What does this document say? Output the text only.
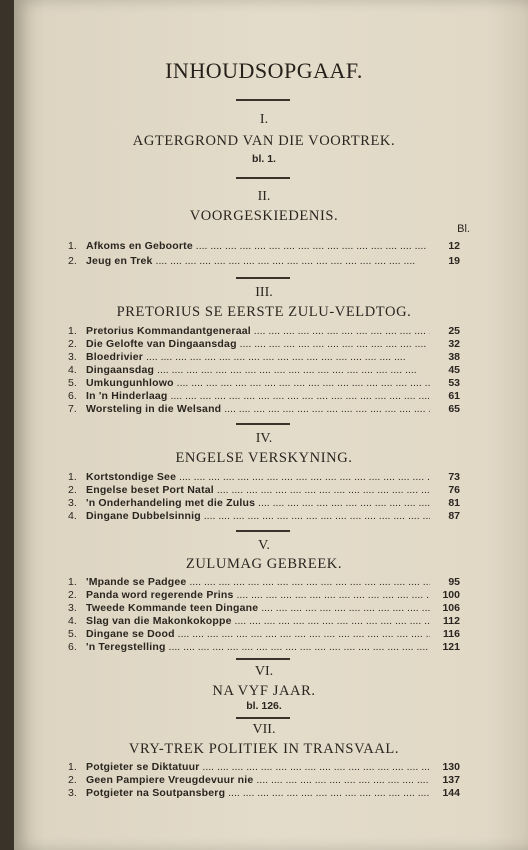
INHOUDSOPGAAF.
I.
AGTERGROND VAN DIE VOORTREK.
bl. 1.
II.
VOORGESKIEDENIS.
Bl.
1. Afkoms en Geboorte ....	12
2. Jeug en Trek ....	19
III.
PRETORIUS SE EERSTE ZULU-VELDTOG.
1. Pretorius Kommandantgeneraal ....	25
2. Die Gelofte van Dingaansdag ....	32
3. Bloedrivier ....	38
4. Dingaansdag ....	45
5. Umkungunhlowo ....	53
6. In 'n Hinderlaag ....	61
7. Worsteling in die Welsand ....	65
IV.
ENGELSE VERSKYNING.
1. Kortstondige See ....	73
2. Engelse beset Port Natal ....	76
3. 'n Onderhandeling met die Zulus ....	81
4. Dingane Dubbelsinnig ....	87
V.
ZULUMAG GEBREEK.
1. 'Mpande se Padgee ....	95
2. Panda word regerende Prins ....	100
3. Tweede Kommande teen Dingane ....	106
4. Slag van die Makonkokoppe ....	112
5. Dingane se Dood ....	116
6. 'n Teregstelling ....	121
VI.
NA VYF JAAR.
bl. 126.
VII.
VRY-TREK POLITIEK IN TRANSVAAL.
1. Potgieter se Diktatuur ....	130
2. Geen Pampiere Vreugdevuur nie ....	137
3. Potgieter na Soutpansberg ....	144
